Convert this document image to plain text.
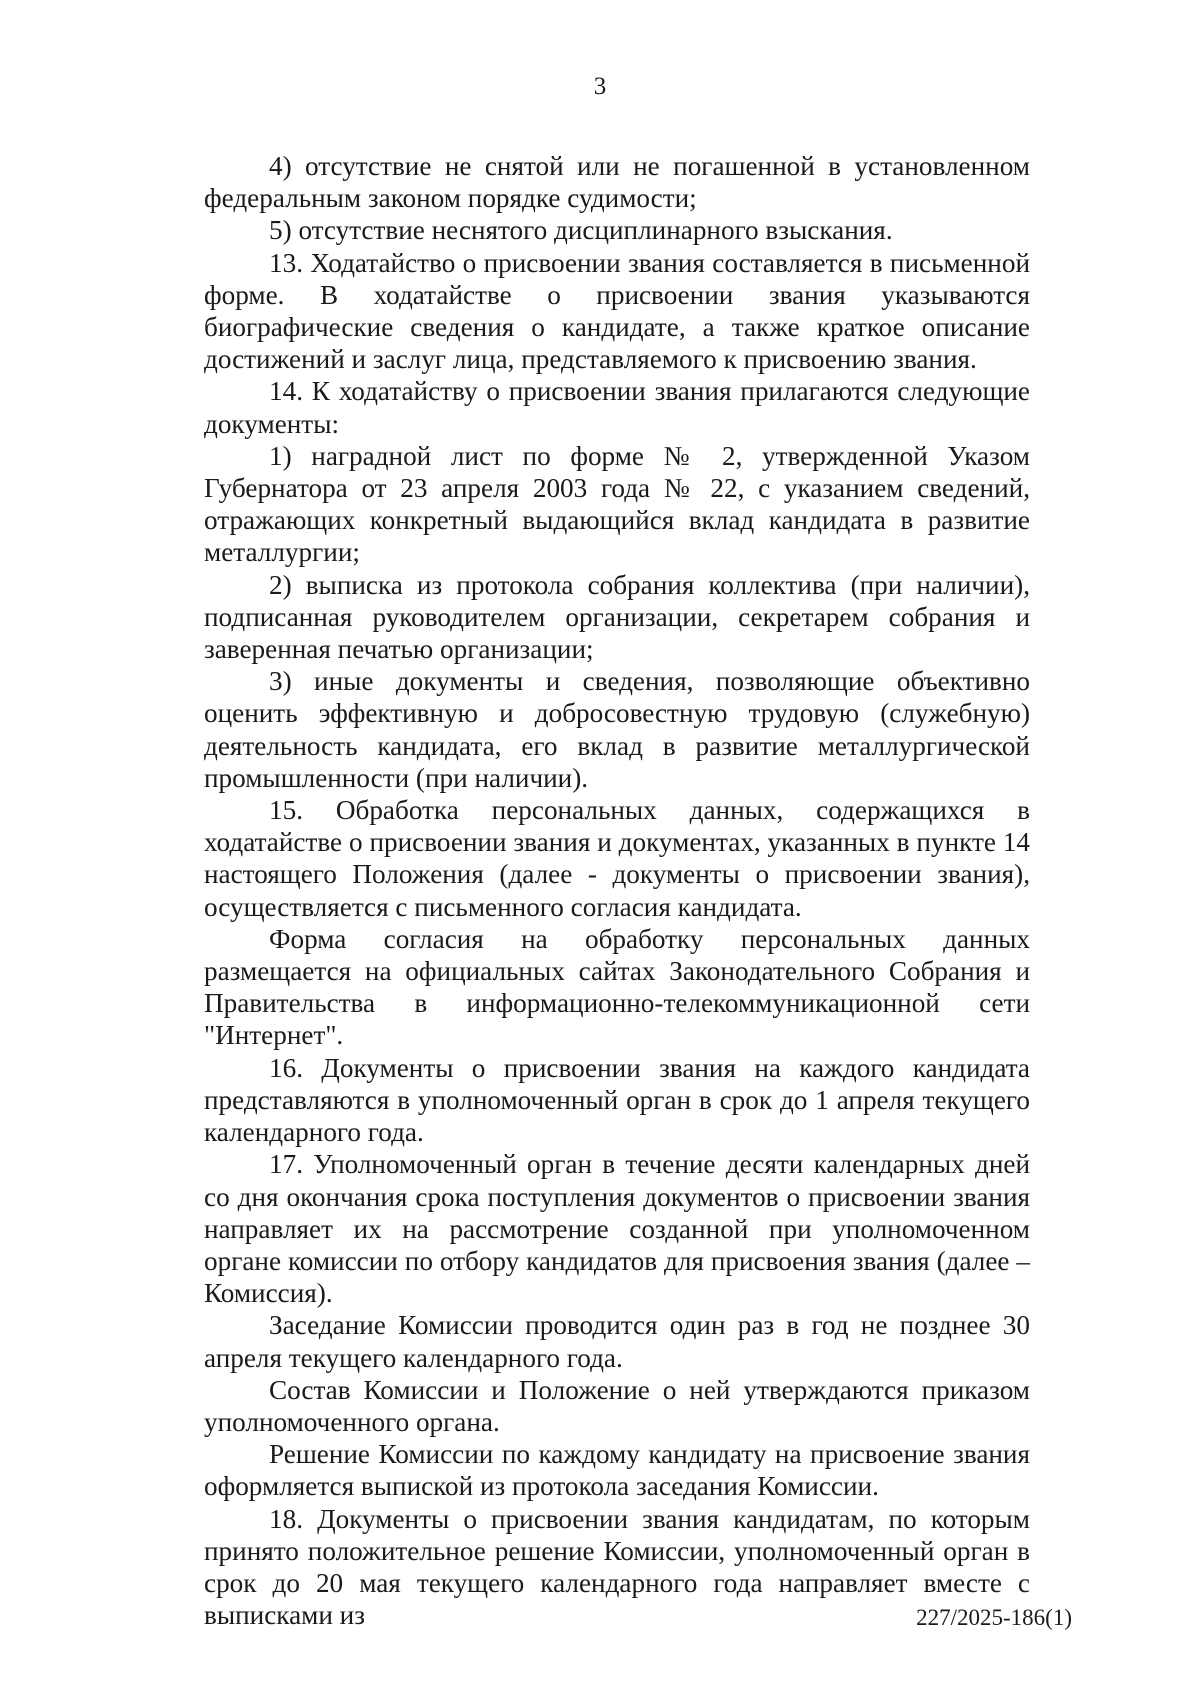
3

4) отсутствие не снятой или не погашенной в установленном федеральным законом порядке судимости;

5) отсутствие неснятого дисциплинарного взыскания.

13. Ходатайство о присвоении звания составляется в письменной форме. В ходатайстве о присвоении звания указываются биографические сведения о кандидате, а также краткое описание достижений и заслуг лица, представляемого к присвоению звания.

14. К ходатайству о присвоении звания прилагаются следующие документы:

1) наградной лист по форме № 2, утвержденной Указом Губернатора от 23 апреля 2003 года № 22, с указанием сведений, отражающих конкретный выдающийся вклад кандидата в развитие металлургии;

2) выписка из протокола собрания коллектива (при наличии), подписанная руководителем организации, секретарем собрания и заверенная печатью организации;

3) иные документы и сведения, позволяющие объективно оценить эффективную и добросовестную трудовую (служебную) деятельность кандидата, его вклад в развитие металлургической промышленности (при наличии).

15. Обработка персональных данных, содержащихся в ходатайстве о присвоении звания и документах, указанных в пункте 14 настоящего Положения (далее - документы о присвоении звания), осуществляется с письменного согласия кандидата.

Форма согласия на обработку персональных данных размещается на официальных сайтах Законодательного Собрания и Правительства в информационно-телекоммуникационной сети "Интернет".

16. Документы о присвоении звания на каждого кандидата представляются в уполномоченный орган в срок до 1 апреля текущего календарного года.

17. Уполномоченный орган в течение десяти календарных дней со дня окончания срока поступления документов о присвоении звания направляет их на рассмотрение созданной при уполномоченном органе комиссии по отбору кандидатов для присвоения звания (далее – Комиссия).

Заседание Комиссии проводится один раз в год не позднее 30 апреля текущего календарного года.

Состав Комиссии и Положение о ней утверждаются приказом уполномоченного органа.

Решение Комиссии по каждому кандидату на присвоение звания оформляется выпиской из протокола заседания Комиссии.

18. Документы о присвоении звания кандидатам, по которым принято положительное решение Комиссии, уполномоченный орган в срок до 20 мая текущего календарного года направляет вместе с выписками из	227/2025-186(1)
